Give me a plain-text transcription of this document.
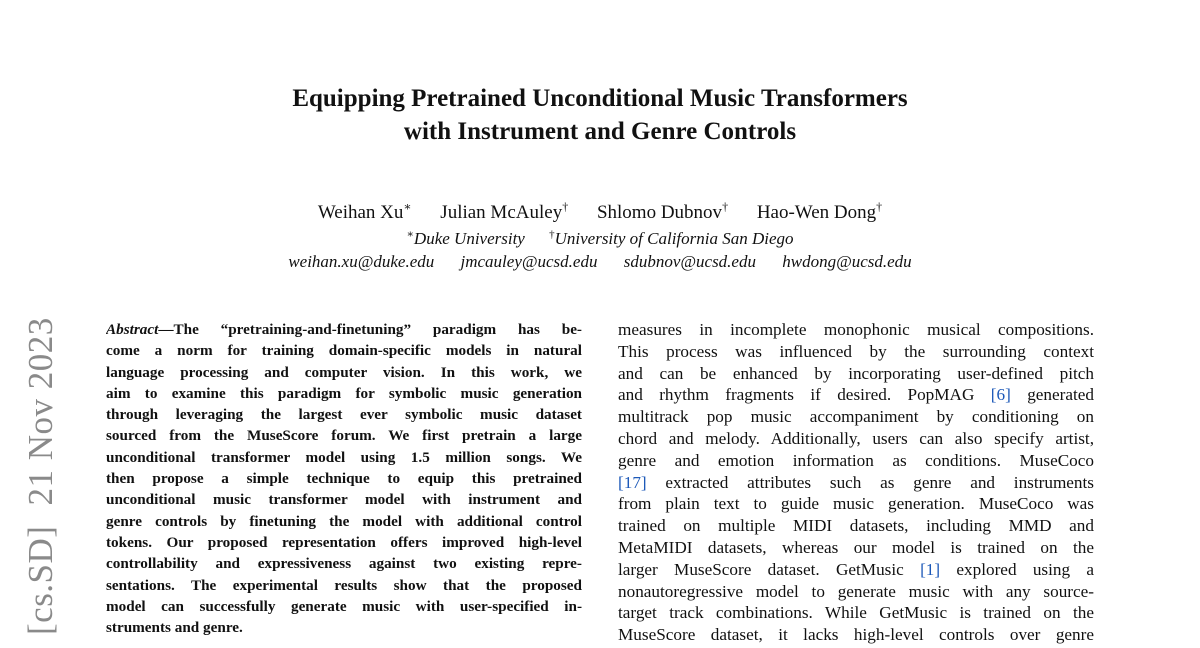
[cs.SD]21 Nov 2023
Equipping Pretrained Unconditional Music Transformers
with Instrument and Genre Controls
Weihan Xu∗ Julian McAuley† Shlomo Dubnov† Hao-Wen Dong†
∗Duke University †University of California San Diego
weihan.xu@duke.edu jmcauley@ucsd.edu sdubnov@ucsd.edu hwdong@ucsd.edu
Abstract—The “pretraining-and-finetuning” paradigm has be-
come a norm for training domain-specific models in natural
language processing and computer vision. In this work, we
aim to examine this paradigm for symbolic music generation
through leveraging the largest ever symbolic music dataset
sourced from the MuseScore forum. We first pretrain a large
unconditional transformer model using 1.5 million songs. We
then propose a simple technique to equip this pretrained
unconditional music transformer model with instrument and
genre controls by finetuning the model with additional control
tokens. Our proposed representation offers improved high-level
controllability and expressiveness against two existing repre-
sentations. The experimental results show that the proposed
model can successfully generate music with user-specified in-
struments and genre.
measures in incomplete monophonic musical compositions.
This process was influenced by the surrounding context
and can be enhanced by incorporating user-defined pitch
and rhythm fragments if desired. PopMAG [6] generated
multitrack pop music accompaniment by conditioning on
chord and melody. Additionally, users can also specify artist,
genre and emotion information as conditions. MuseCoco
[17] extracted attributes such as genre and instruments
from plain text to guide music generation. MuseCoco was
trained on multiple MIDI datasets, including MMD and
MetaMIDI datasets, whereas our model is trained on the
larger MuseScore dataset. GetMusic [1] explored using a
nonautoregressive model to generate music with any source-
target track combinations. While GetMusic is trained on the
MuseScore dataset, it lacks high-level controls over genre
